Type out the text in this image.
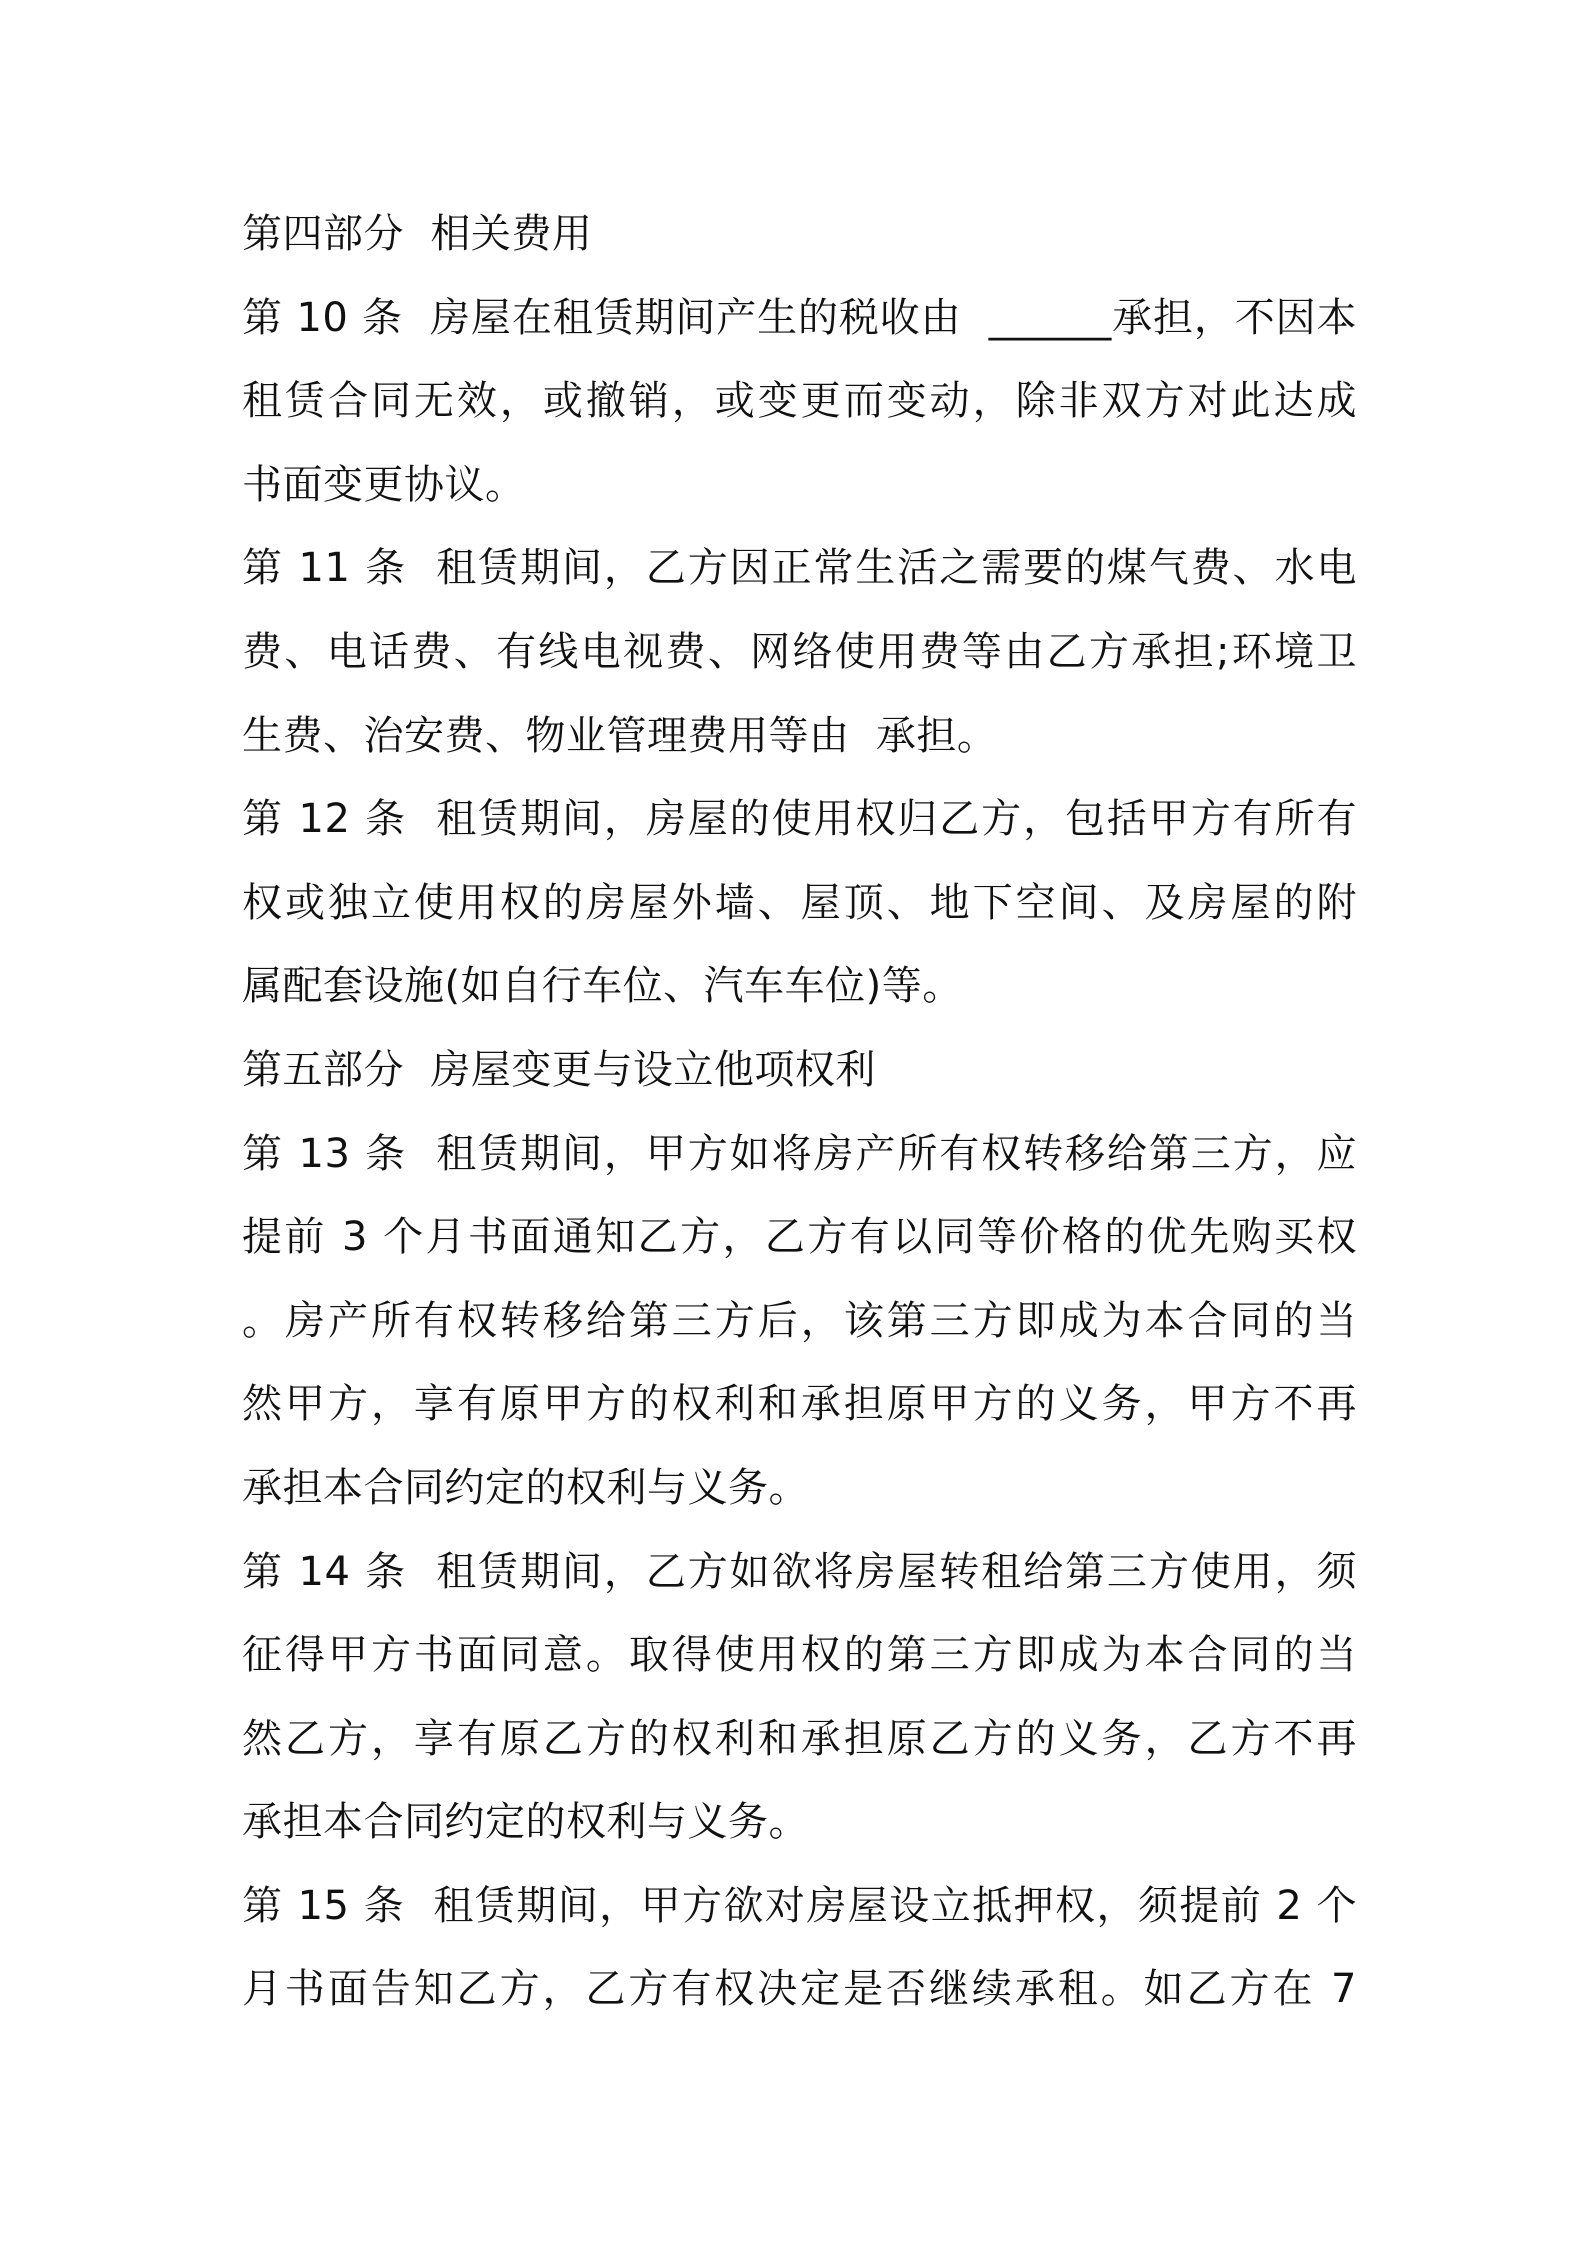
第四部分  相关费用
第 10 条  房屋在租赁期间产生的税收由  ______承担，不因本
租赁合同无效，或撤销，或变更而变动，除非双方对此达成
书面变更协议。
第 11 条  租赁期间，乙方因正常生活之需要的煤气费、水电
费、电话费、有线电视费、网络使用费等由乙方承担;环境卫
生费、治安费、物业管理费用等由  承担。
第 12 条  租赁期间，房屋的使用权归乙方，包括甲方有所有
权或独立使用权的房屋外墙、屋顶、地下空间、及房屋的附
属配套设施(如自行车位、汽车车位)等。
第五部分  房屋变更与设立他项权利
第 13 条  租赁期间，甲方如将房产所有权转移给第三方，应
提前 3 个月书面通知乙方，乙方有以同等价格的优先购买权
。房产所有权转移给第三方后，该第三方即成为本合同的当
然甲方，享有原甲方的权利和承担原甲方的义务，甲方不再
承担本合同约定的权利与义务。
第 14 条  租赁期间，乙方如欲将房屋转租给第三方使用，须
征得甲方书面同意。取得使用权的第三方即成为本合同的当
然乙方，享有原乙方的权利和承担原乙方的义务，乙方不再
承担本合同约定的权利与义务。
第 15 条  租赁期间，甲方欲对房屋设立抵押权，须提前 2 个
月书面告知乙方，乙方有权决定是否继续承租。如乙方在 7
